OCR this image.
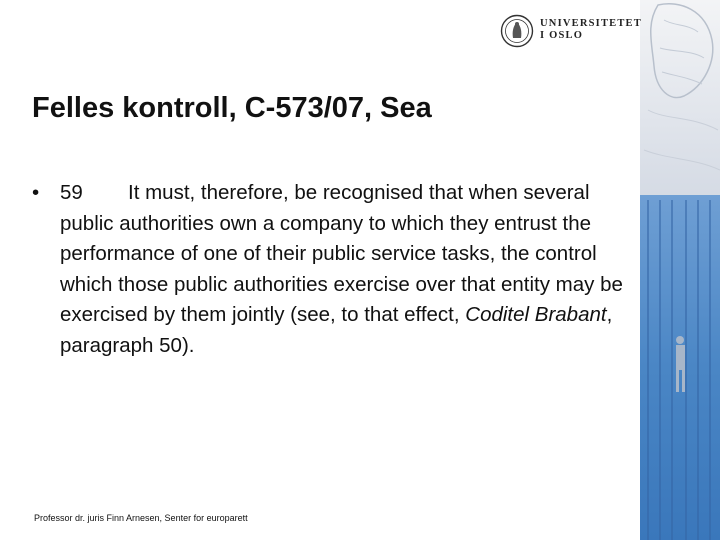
UNIVERSITETET
I OSLO
Felles kontroll, C-573/07, Sea
• 59 It must, therefore, be recognised that when several public authorities own a company to which they entrust the performance of one of their public service tasks, the control which those public authorities exercise over that entity may be exercised by them jointly (see, to that effect, Coditel Brabant, paragraph 50).
Professor dr. juris Finn Arnesen, Senter for europarett
